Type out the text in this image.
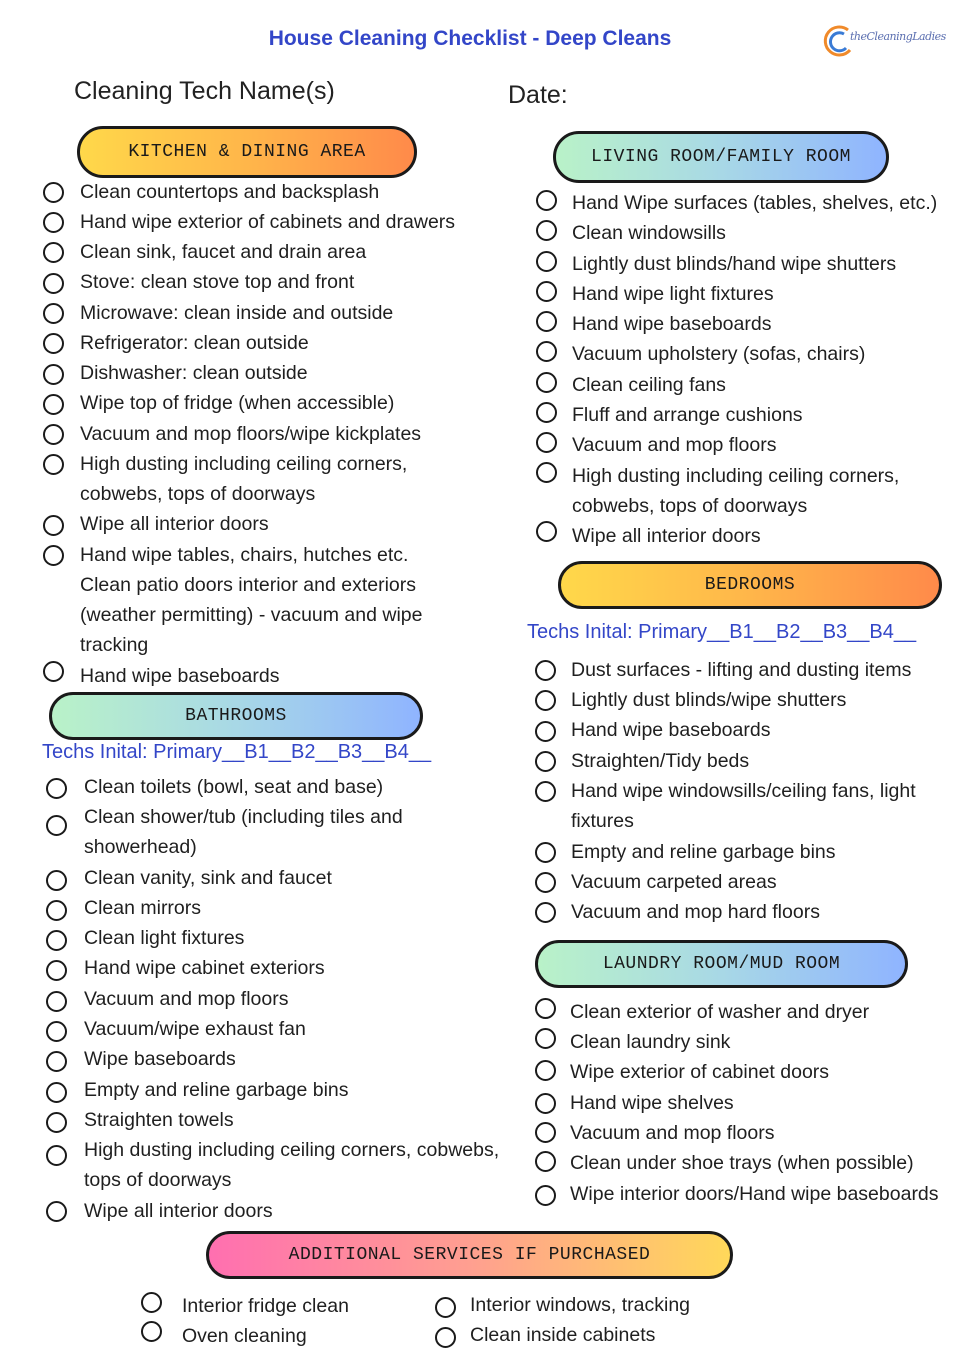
House Cleaning Checklist - Deep Cleans	theCleaningLadies
Cleaning Tech Name(s)	Date:
KITCHEN & DINING AREA	LIVING ROOM/FAMILY ROOM
BEDROOMS
BATHROOMS
LAUNDRY ROOM/MUD ROOM
ADDITIONAL SERVICES IF PURCHASED
Techs Inital: Primary__B1__B2__B3__B4__
Techs Inital: Primary__B1__B2__B3__B4__
Clean countertops and backsplash
Hand wipe exterior of cabinets and drawers
Clean sink, faucet and drain area
Stove: clean stove top and front
Microwave: clean inside and outside
Refrigerator: clean outside
Dishwasher: clean outside
Wipe top of fridge (when accessible)
Vacuum and mop floors/wipe kickplates
High dusting including ceiling corners,
cobwebs, tops of doorways
Wipe all interior doors
Hand wipe tables, chairs, hutches etc.
Clean patio doors interior and exteriors
(weather permitting) - vacuum and wipe
tracking
Hand wipe baseboards
Clean toilets (bowl, seat and base)
Clean shower/tub (including tiles and
showerhead)
Clean vanity, sink and faucet
Clean mirrors
Clean light fixtures
Hand wipe cabinet exteriors
Vacuum and mop floors
Vacuum/wipe exhaust fan
Wipe baseboards
Empty and reline garbage bins
Straighten towels
High dusting including ceiling corners, cobwebs,
tops of doorways
Wipe all interior doors
Hand Wipe surfaces (tables, shelves, etc.)
Clean windowsills
Lightly dust blinds/hand wipe shutters
Hand wipe light fixtures
Hand wipe baseboards
Vacuum upholstery (sofas, chairs)
Clean ceiling fans
Fluff and arrange cushions
Vacuum and mop floors
High dusting including ceiling corners,
cobwebs, tops of doorways
Wipe all interior doors
Dust surfaces - lifting and dusting items
Lightly dust blinds/wipe shutters
Hand wipe baseboards
Straighten/Tidy beds
Hand wipe windowsills/ceiling fans, light
fixtures
Empty and reline garbage bins
Vacuum carpeted areas
Vacuum and mop hard floors
Clean exterior of washer and dryer
Clean laundry sink
Wipe exterior of cabinet doors
Hand wipe shelves
Vacuum and mop floors
Clean under shoe trays (when possible)
Wipe interior doors/Hand wipe baseboards
Interior fridge clean
Oven cleaning
Interior windows, tracking
Clean inside cabinets
